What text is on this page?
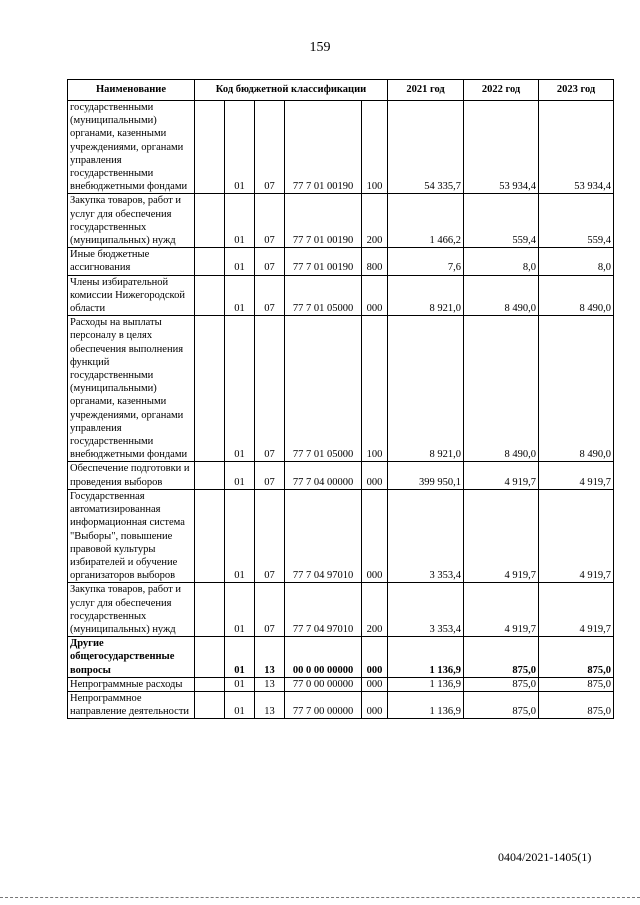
159
Наименование	Код бюджетной классификации					2021 год	2022 год	2023 год
государственными (муниципальными) органами, казенными учреждениями, органами управления государственными внебюджетными фондами		01	07	77 7 01 00190	100	54 335,7	53 934,4	53 934,4
Закупка товаров, работ и услуг для обеспечения государственных (муниципальных) нужд		01	07	77 7 01 00190	200	1 466,2	559,4	559,4
Иные бюджетные ассигнования		01	07	77 7 01 00190	800	7,6	8,0	8,0
Члены избирательной комиссии Нижегородской области		01	07	77 7 01 05000	000	8 921,0	8 490,0	8 490,0
Расходы на выплаты персоналу в целях обеспечения выполнения функций государственными (муниципальными) органами, казенными учреждениями, органами управления государственными внебюджетными фондами		01	07	77 7 01 05000	100	8 921,0	8 490,0	8 490,0
Обеспечение подготовки и проведения выборов		01	07	77 7 04 00000	000	399 950,1	4 919,7	4 919,7
Государственная автоматизированная информационная система "Выборы", повышение правовой культуры избирателей и обучение организаторов выборов		01	07	77 7 04 97010	000	3 353,4	4 919,7	4 919,7
Закупка товаров, работ и услуг для обеспечения государственных (муниципальных) нужд		01	07	77 7 04 97010	200	3 353,4	4 919,7	4 919,7
Другие общегосударственные вопросы		01	13	00 0 00 00000	000	1 136,9	875,0	875,0
Непрограммные расходы		01	13	77 0 00 00000	000	1 136,9	875,0	875,0
Непрограммное направление деятельности		01	13	77 7 00 00000	000	1 136,9	875,0	875,0
0404/2021-1405(1)
